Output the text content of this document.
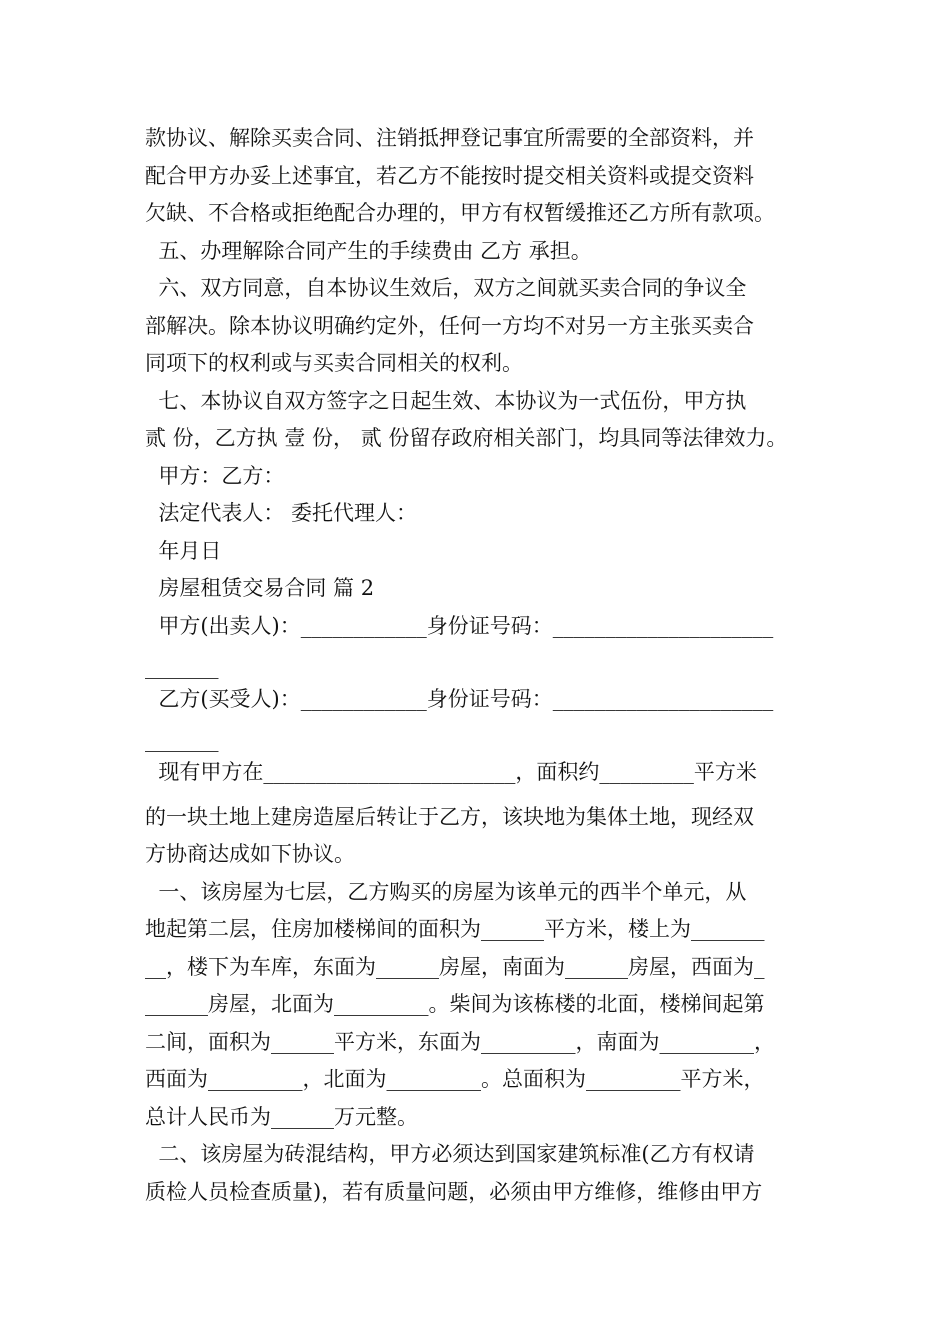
款协议、解除买卖合同、注销抵押登记事宜所需要的全部资料，并
配合甲方办妥上述事宜，若乙方不能按时提交相关资料或提交资料
欠缺、不合格或拒绝配合办理的，甲方有权暂缓推还乙方所有款项。
五、办理解除合同产生的手续费由 乙方 承担。
六、双方同意，自本协议生效后，双方之间就买卖合同的争议全
部解决。除本协议明确约定外，任何一方均不对另一方主张买卖合
同项下的权利或与买卖合同相关的权利。
七、本协议自双方签字之日起生效、本协议为一式伍份，甲方执
贰 份，乙方执 壹 份， 贰 份留存政府相关部门，均具同等法律效力。
甲方：乙方：
法定代表人： 委托代理人：
年月日
房屋租赁交易合同 篇 2
甲方(出卖人)：____________身份证号码：_____________________
_______
乙方(买受人)：____________身份证号码：_____________________
_______
现有甲方在________________________，面积约_________平方米
的一块土地上建房造屋后转让于乙方，该块地为集体土地，现经双
方协商达成如下协议。
一、该房屋为七层，乙方购买的房屋为该单元的西半个单元，从
地起第二层，住房加楼梯间的面积为______平方米，楼上为_______
__，楼下为车库，东面为______房屋，南面为______房屋，西面为_
______房屋，北面为_________。柴间为该栋楼的北面，楼梯间起第
二间，面积为______平方米，东面为_________，南面为_________，
西面为_________，北面为_________。总面积为_________平方米，
总计人民币为______万元整。
二、该房屋为砖混结构，甲方必须达到国家建筑标准(乙方有权请
质检人员检查质量)，若有质量问题，必须由甲方维修，维修由甲方
